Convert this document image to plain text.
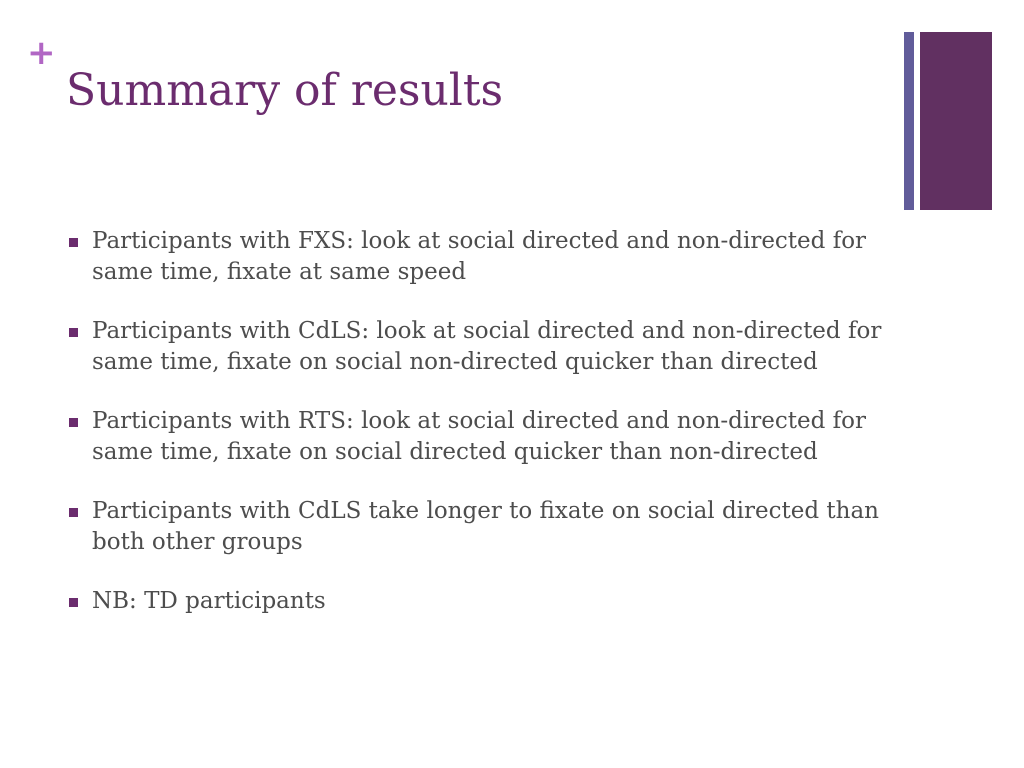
+
Summary of results
Participants with FXS: look at social directed and non-directed for same time, fixate at same speed
Participants with CdLS: look at social directed and non-directed for same time, fixate on social non-directed quicker than directed
Participants with RTS: look at social directed and non-directed for same time, fixate on social directed quicker than non-directed
Participants with CdLS take longer to fixate on social directed than both other groups
NB: TD participants
